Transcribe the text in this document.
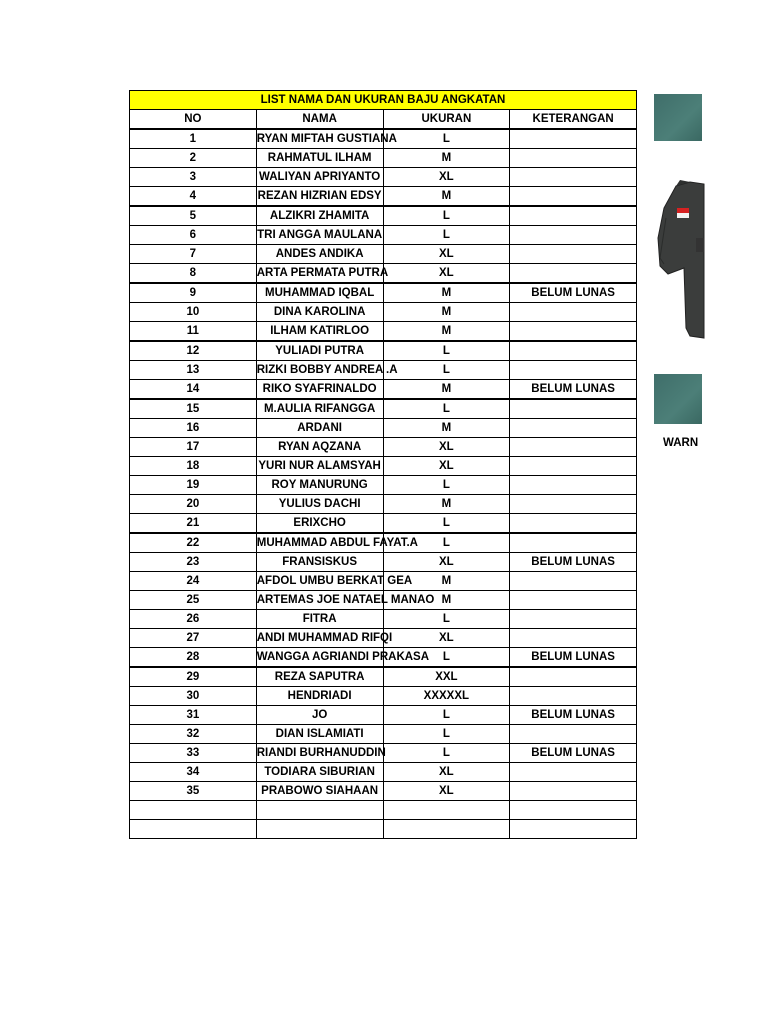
LIST NAMA DAN UKURAN BAJU ANGKATAN			
NO	NAMA	UKURAN	KETERANGAN
1	RYAN MIFTAH GUSTIANA	L	
2	RAHMATUL ILHAM	M	
3	WALIYAN APRIYANTO	XL	
4	REZAN HIZRIAN EDSY	M	
5	ALZIKRI ZHAMITA	L	
6	TRI ANGGA MAULANA	L	
7	ANDES ANDIKA	XL	
8	ARTA PERMATA PUTRA	XL	
9	MUHAMMAD IQBAL	M	BELUM LUNAS
10	DINA KAROLINA	M	
11	ILHAM KATIRLOO	M	
12	YULIADI PUTRA	L	
13	RIZKI BOBBY ANDREA .A	L	
14	RIKO SYAFRINALDO	M	BELUM LUNAS
15	M.AULIA RIFANGGA	L	
16	ARDANI	M	
17	RYAN AQZANA	XL	
18	YURI NUR ALAMSYAH	XL	
19	ROY MANURUNG	L	
20	YULIUS DACHI	M	
21	ERIXCHO	L	
22	MUHAMMAD ABDUL FAYAT.A	L	
23	FRANSISKUS	XL	BELUM LUNAS
24	AFDOL UMBU BERKAT GEA	M	
25	ARTEMAS JOE NATAEL MANAO	M	
26	FITRA	L	
27	ANDI MUHAMMAD RIFQI	XL	
28	WANGGA AGRIANDI PRAKASA	L	BELUM LUNAS
29	REZA SAPUTRA	XXL	
30	HENDRIADI	XXXXXL	
31	JO	L	BELUM LUNAS
32	DIAN ISLAMIATI	L	
33	RIANDI BURHANUDDIN	L	BELUM LUNAS
34	TODIARA SIBURIAN	XL	
35	PRABOWO SIAHAAN	XL	

WARN
